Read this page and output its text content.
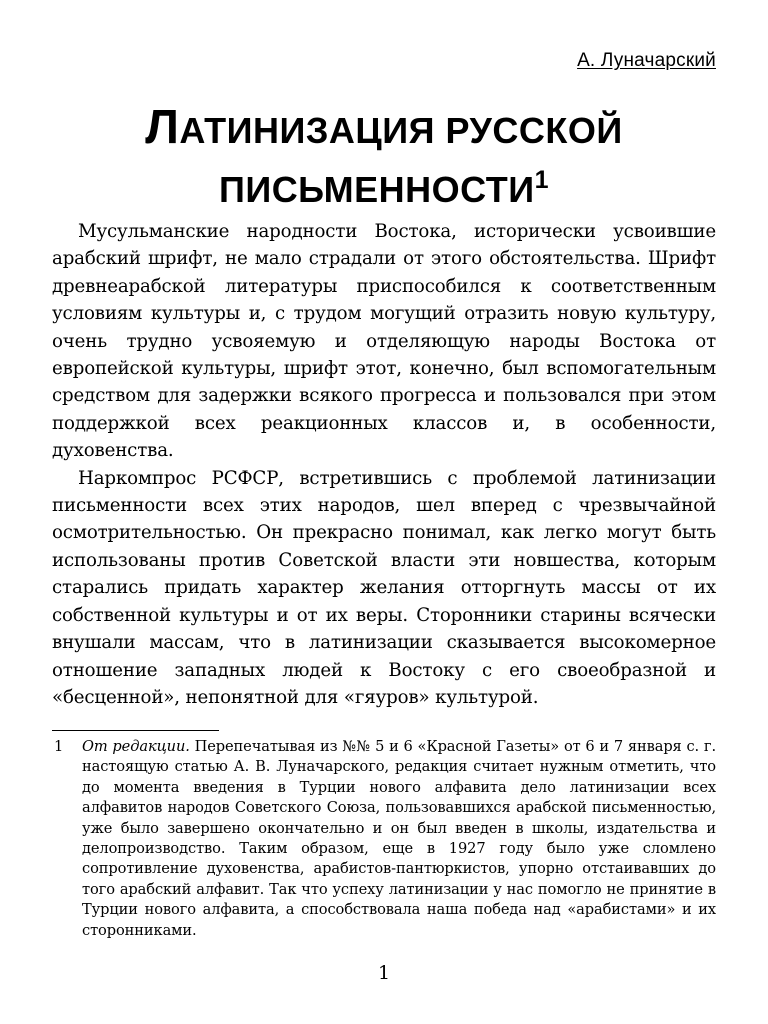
А. Луначарский
ЛАТИНИЗАЦИЯ РУССКОЙ
ПИСЬМЕННОСТИ$^1$

Мусульманские народности Востока, исторически усвоившие арабский шрифт, не мало страдали от этого обстоятельства. Шрифт древнеарабской литературы приспособился к соответственным условиям культуры и, с трудом могущий отразить новую культуру, очень трудно усвояемую и отделяющую народы Востока от европейской культуры, шрифт этот, конечно, был вспомогательным средством для задержки всякого прогресса и пользовался при этом поддержкой всех реакционных классов и, в особенности, духовенства.

Наркомпрос РСФСР, встретившись с проблемой латинизации письменности всех этих народов, шел вперед с чрезвычайной осмотрительностью. Он прекрасно понимал, как легко могут быть использованы против Советской власти эти новшества, которым старались придать характер желания отторгнуть массы от их собственной культуры и от их веры. Сторонники старины всячески внушали массам, что в латинизации сказывается высокомерное отношение западных людей к Востоку с его своеобразной и «бесценной», непонятной для «гяуров» культурой.

1 От редакции. Перепечатывая из №№ 5 и 6 «Красной Газеты» от 6 и 7 января с. г. настоящую статью А. В. Луначарского, редакция считает нужным отметить, что до момента введения в Турции нового алфавита дело латинизации всех алфавитов народов Советского Союза, пользовавшихся арабской письменностью, уже было завершено окончательно и он был введен в школы, издательства и делопроизводство. Таким образом, еще в 1927 году было уже сломлено сопротивление духовенства, арабистов-пантюркистов, упорно отстаивавших до того арабский алфавит. Так что успеху латинизации у нас помогло не принятие в Турции нового алфавита, а способствовала наша победа над «арабистами» и их сторонниками.
1
